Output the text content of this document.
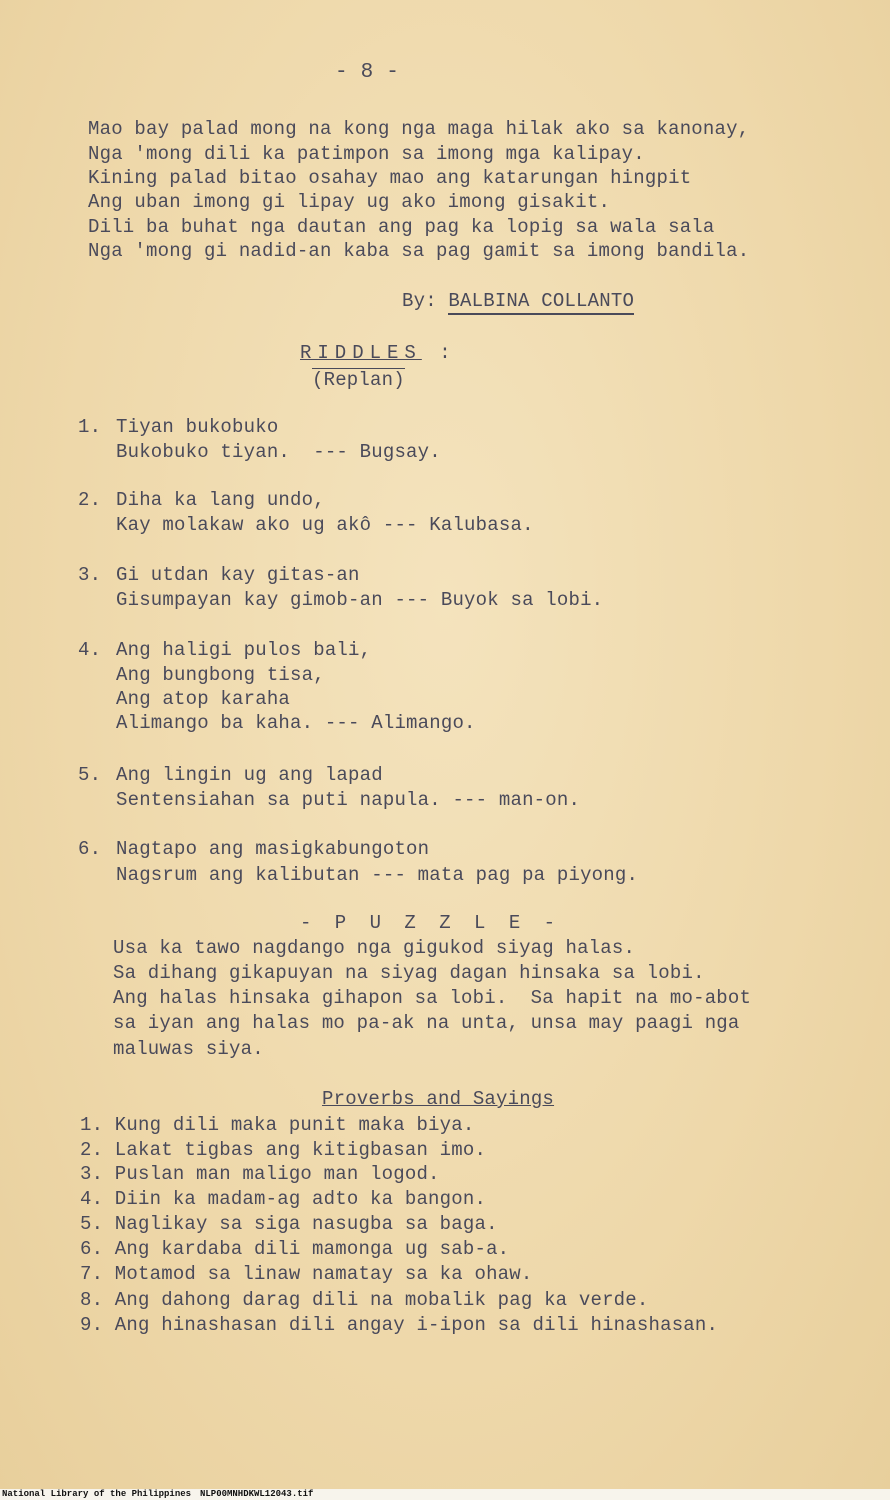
- 8 -
Mao bay palad mong na kong nga maga hilak ako sa kanonay,
Nga 'mong dili ka patimpon sa imong mga kalipay.
Kining palad bitao osahay mao ang katarungan hingpit
Ang uban imong gi lipay ug ako imong gisakit.
Dili ba buhat nga dautan ang pag ka lopig sa wala sala
Nga 'mong gi nadid-an kaba sa pag gamit sa imong bandila.
By: BALBINA COLLANTO
RIDDLES :
(Replan)
1. Tiyan bukobuko
Bukobuko tiyan.  --- Bugsay.
2. Diha ka lang undo,
Kay molakaw ako ug akô --- Kalubasa.
3. Gi utdan kay gitas-an
Gisumpayan kay gimob-an --- Buyok sa lobi.
4. Ang haligi pulos bali,
Ang bungbong tisa,
Ang atop karaha
Alimango ba kaha. --- Alimango.
5. Ang lingin ug ang lapad
Sentensiahan sa puti napula. --- man-on.
6. Nagtapo ang masigkabungoton
Nagsrum ang kalibutan --- mata pag pa piyong.
- P U Z Z L E -
Usa ka tawo nagdango nga gigukod siyag halas.
Sa dihang gikapuyan na siyag dagan hinsaka sa lobi.
Ang halas hinsaka gihapon sa lobi.  Sa hapit na mo-abot
sa iyan ang halas mo pa-ak na unta, unsa may paagi nga
maluwas siya.
Proverbs and Sayings
1. Kung dili maka punit maka biya.
2. Lakat tigbas ang kitigbasan imo.
3. Puslan man maligo man logod.
4. Diin ka madam-ag adto ka bangon.
5. Naglikay sa siga nasugba sa baga.
6. Ang kardaba dili mamonga ug sab-a.
7. Motamod sa linaw namatay sa ka ohaw.
8. Ang dahong darag dili na mobalik pag ka verde.
9. Ang hinashasan dili angay i-ipon sa dili hinashasan.
National Library of the Philippines NLP00MNHDKWL12043.tif
